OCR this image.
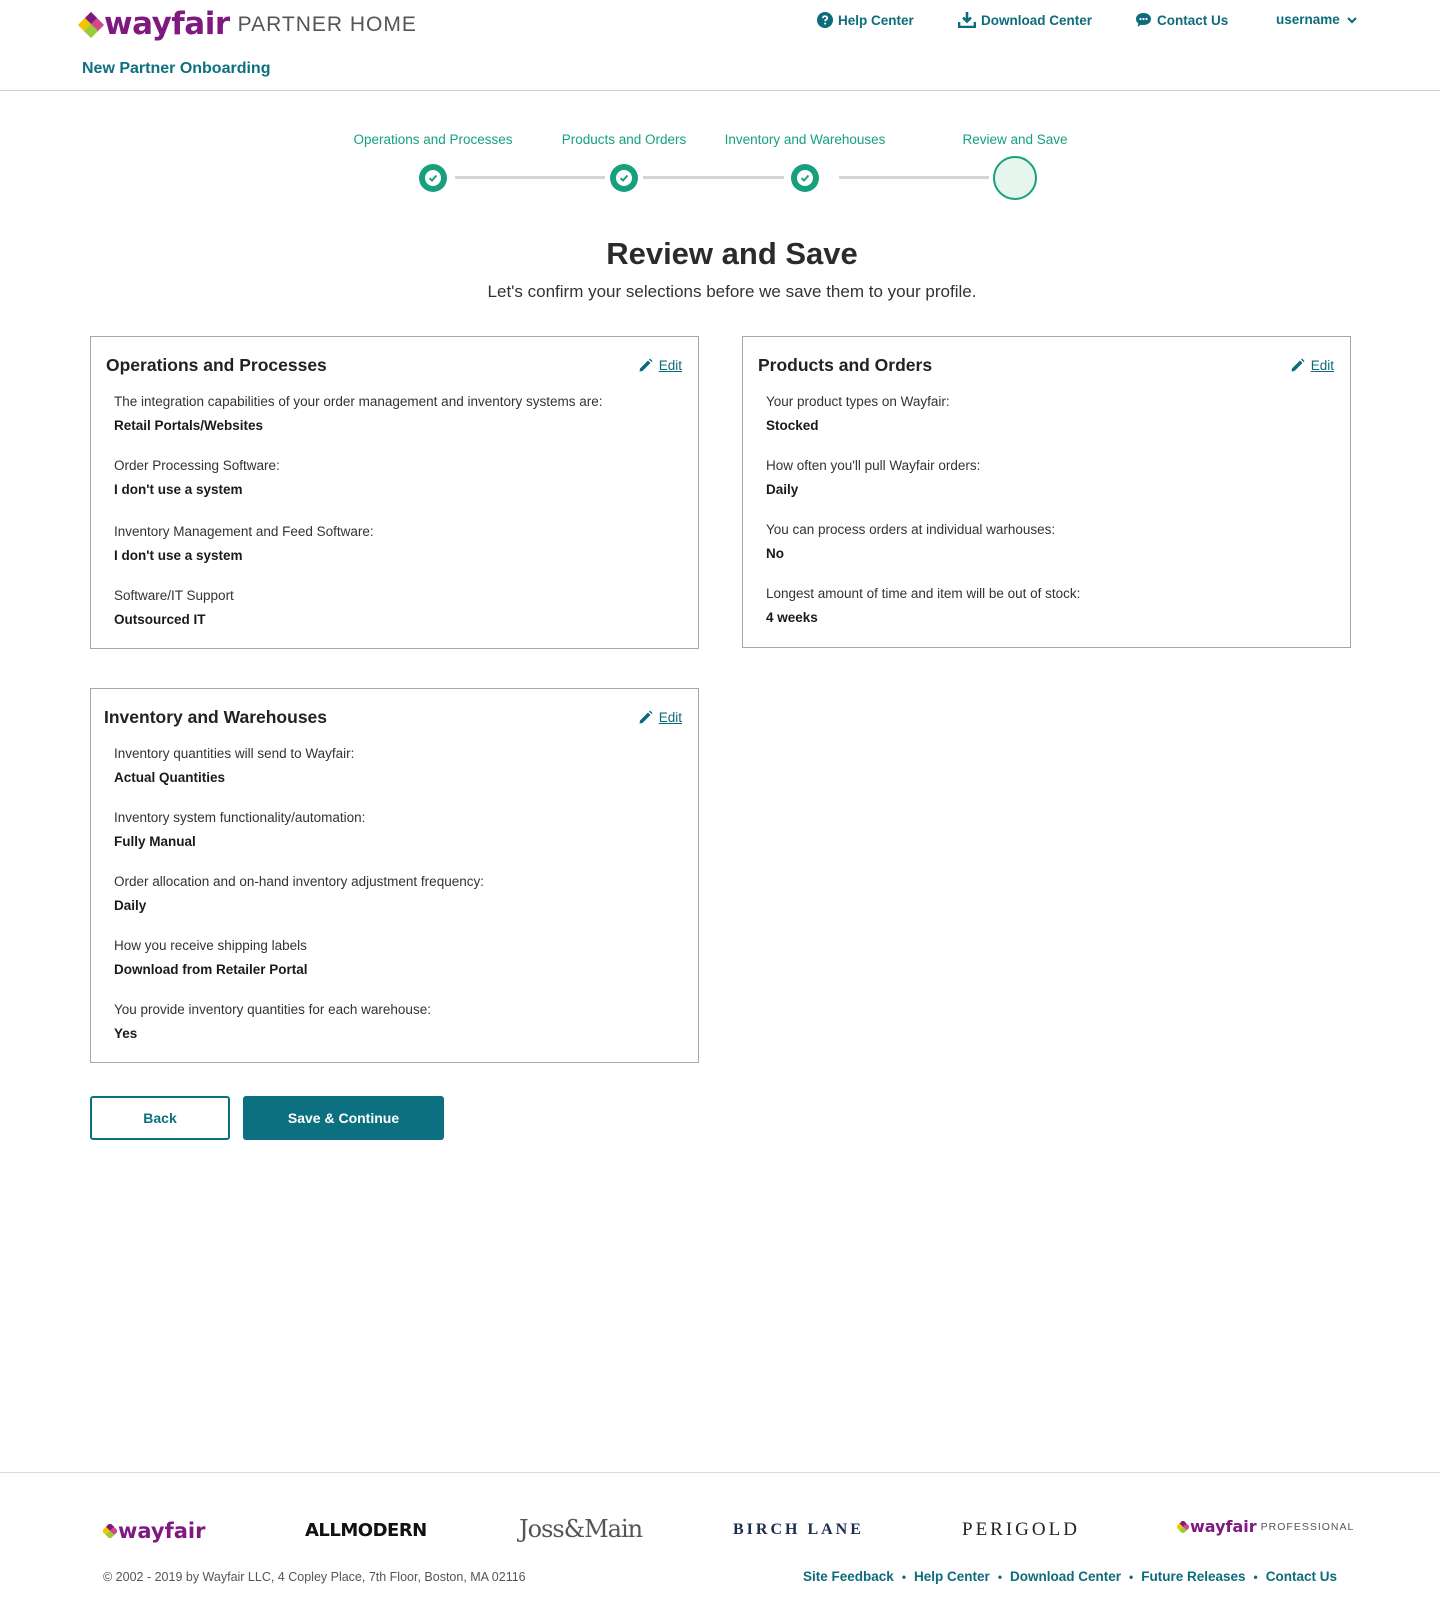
wayfair PARTNER HOME
New Partner Onboarding
Help Center	Download Center	Contact Us	username
Operations and Processes	Products and Orders	Inventory and Warehouses	Review and Save
Review and Save
Let's confirm your selections before we save them to your profile.
Operations and Processes	Edit
The integration capabilities of your order management and inventory systems are:
Retail Portals/Websites
Order Processing Software:
I don't use a system
Inventory Management and Feed Software:
I don't use a system
Software/IT Support
Outsourced IT
Products and Orders	Edit
Your product types on Wayfair:
Stocked
How often you'll pull Wayfair orders:
Daily
You can process orders at individual warhouses:
No
Longest amount of time and item will be out of stock:
4 weeks
Inventory and Warehouses	Edit
Inventory quantities will send to Wayfair:
Actual Quantities
Inventory system functionality/automation:
Fully Manual
Order allocation and on-hand inventory adjustment frequency:
Daily
How you receive shipping labels
Download from Retailer Portal
You provide inventory quantities for each warehouse:
Yes
Back	Save & Continue
wayfair	ALLMODERN	Joss&Main	BIRCH LANE	PERIGOLD	wayfair PROFESSIONAL
© 2002 - 2019 by Wayfair LLC, 4 Copley Place, 7th Floor, Boston, MA 02116	Site Feedback • Help Center • Download Center • Future Releases • Contact Us
